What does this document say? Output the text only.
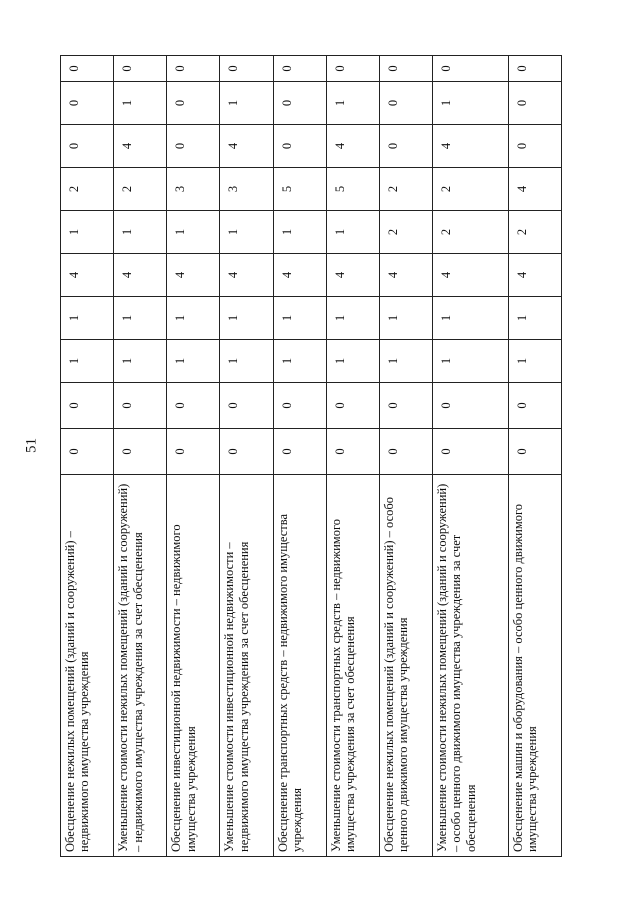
51
Обесценение нежилых помещений (зданий и сооружений) – недвижимого имущества учреждения	0	0	1	1	4	1	2	0	0	0
Уменьшение стоимости нежилых помещений (зданий и сооружений) – недвижимого имущества учреждения за счет обесценения	0	0	1	1	4	1	2	4	1	0
Обесценение инвестиционной недвижимости – недвижимого имущества учреждения	0	0	1	1	4	1	3	0	0	0
Уменьшение стоимости инвестиционной недвижимости – недвижимого имущества учреждения за счет обесценения	0	0	1	1	4	1	3	4	1	0
Обесценение транспортных средств – недвижимого имущества учреждения	0	0	1	1	4	1	5	0	0	0
Уменьшение стоимости транспортных средств – недвижимого имущества учреждения за счет обесценения	0	0	1	1	4	1	5	4	1	0
Обесценение нежилых помещений (зданий и сооружений) – особо ценного движимого имущества учреждения	0	0	1	1	4	2	2	0	0	0
Уменьшение стоимости нежилых помещений (зданий и сооружений) – особо ценного движимого имущества учреждения за счет обесценения	0	0	1	1	4	2	2	4	1	0
Обесценение машин и оборудования – особо ценного движимого имущества учреждения	0	0	1	1	4	2	4	0	0	0
